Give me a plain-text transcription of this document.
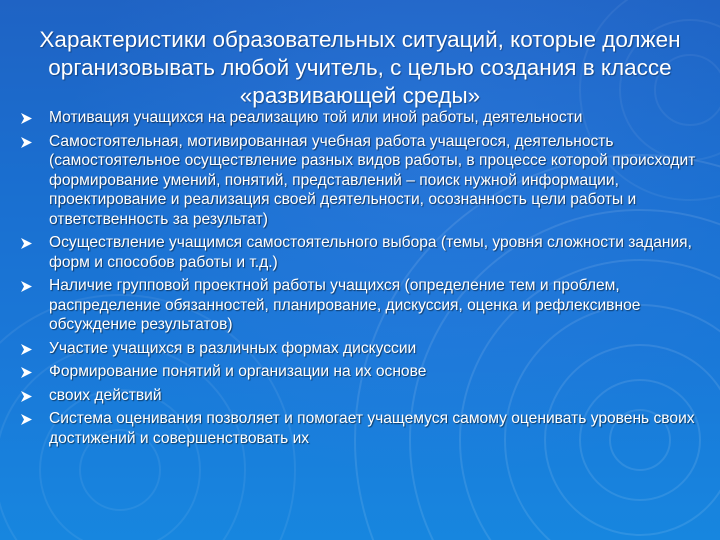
Характеристики образовательных ситуаций, которые должен организовывать любой учитель, с целью создания в классе «развивающей среды»
Мотивация учащихся на реализацию той или иной работы, деятельности
Самостоятельная, мотивированная учебная работа учащегося, деятельность (самостоятельное осуществление разных видов работы, в процессе которой происходит формирование умений, понятий, представлений – поиск нужной информации, проектирование и реализация своей деятельности, осознанность цели работы и ответственность за результат)
Осуществление учащимся самостоятельного выбора (темы, уровня сложности задания, форм и способов работы и т.д.)
Наличие групповой проектной работы учащихся (определение тем и проблем, распределение обязанностей, планирование, дискуссия, оценка и рефлексивное обсуждение результатов)
Участие учащихся в различных формах дискуссии
Формирование понятий и организации на их основе
своих действий
Система оценивания позволяет и помогает учащемуся самому оценивать уровень своих достижений и совершенствовать их
